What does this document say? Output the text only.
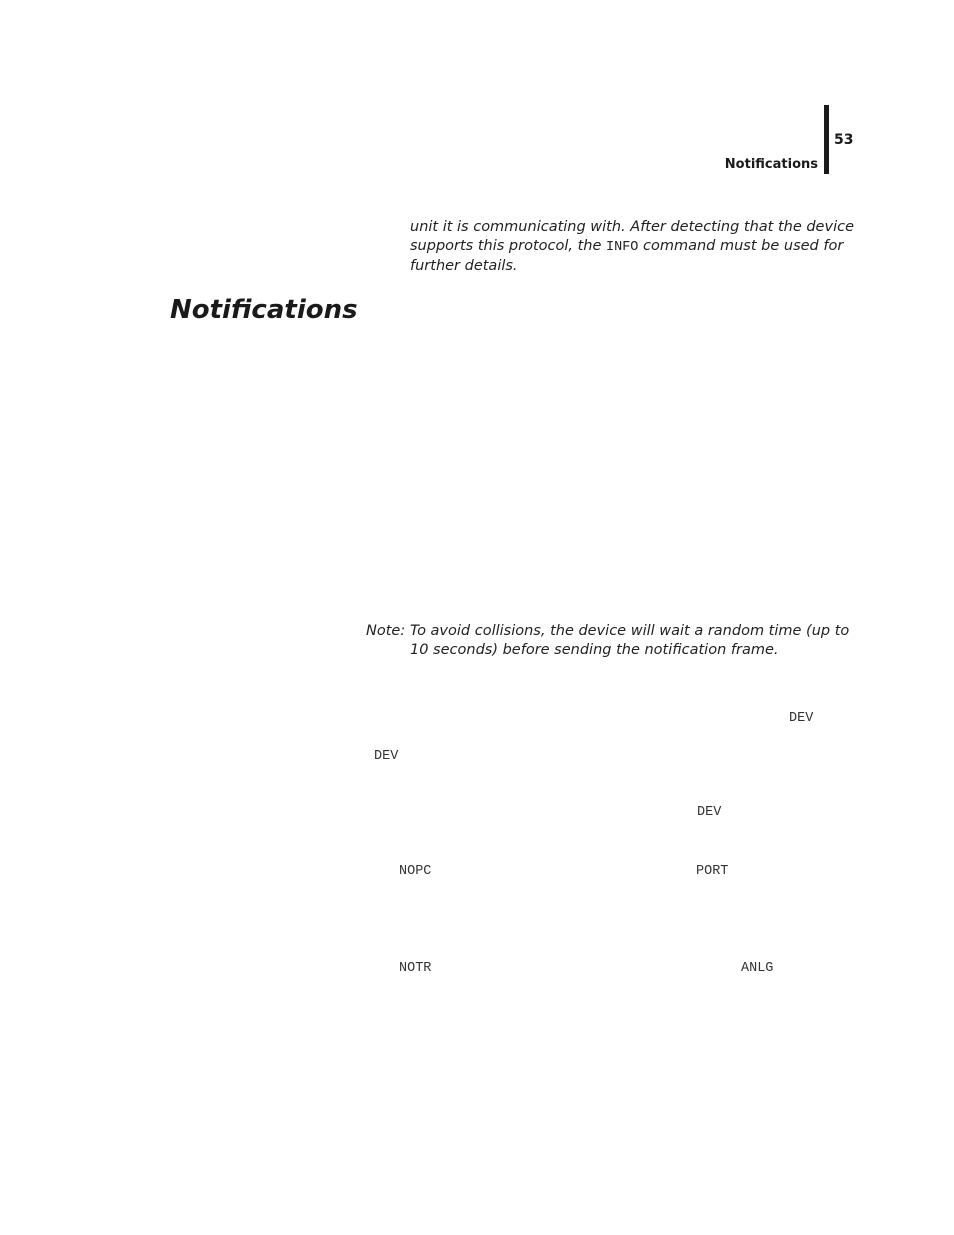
53
Notifications
unit it is communicating with. After detecting that the device
supports this protocol, the INFO command must be used for
further details.
Notifications
Note: To avoid collisions, the device will wait a random time (up to
10 seconds) before sending the notification frame.
DEV
DEV
DEV
NOPC	PORT
NOTR	ANLG
